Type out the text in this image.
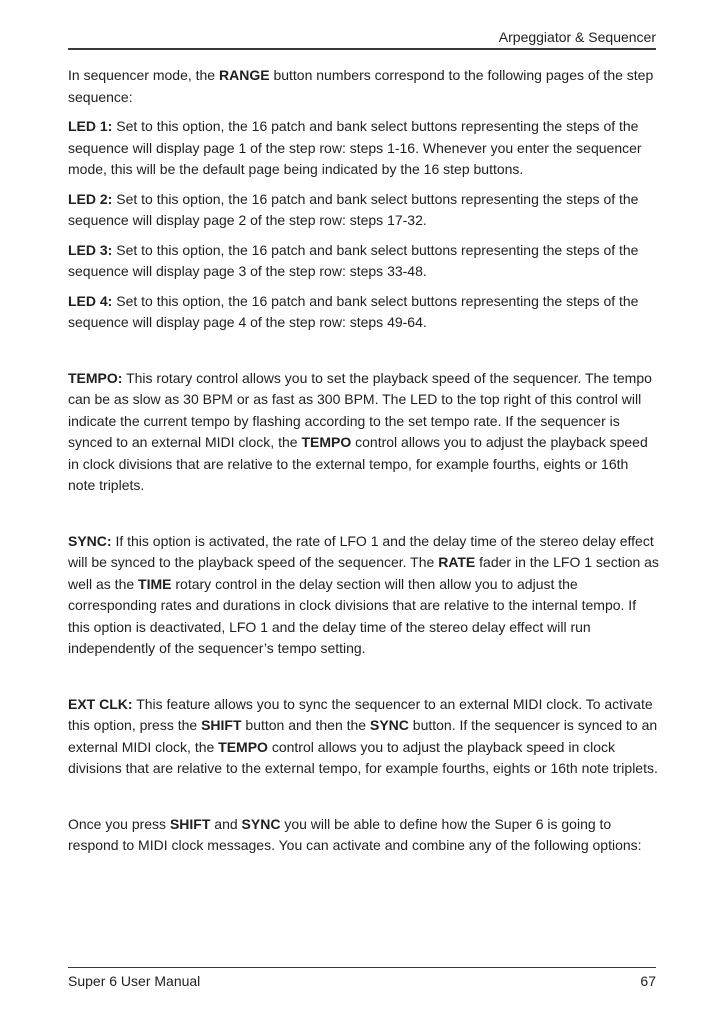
Arpeggiator & Sequencer

In sequencer mode, the RANGE button numbers correspond to the following pages of the step sequence:

LED 1: Set to this option, the 16 patch and bank select buttons representing the steps of the sequence will display page 1 of the step row: steps 1-16. Whenever you enter the sequencer mode, this will be the default page being indicated by the 16 step buttons.

LED 2: Set to this option, the 16 patch and bank select buttons representing the steps of the sequence will display page 2 of the step row: steps 17-32.

LED 3: Set to this option, the 16 patch and bank select buttons representing the steps of the sequence will display page 3 of the step row: steps 33-48.

LED 4: Set to this option, the 16 patch and bank select buttons representing the steps of the sequence will display page 4 of the step row: steps 49-64.

TEMPO: This rotary control allows you to set the playback speed of the sequencer. The tempo can be as slow as 30 BPM or as fast as 300 BPM. The LED to the top right of this control will indicate the current tempo by flashing according to the set tempo rate. If the sequencer is synced to an external MIDI clock, the TEMPO control allows you to adjust the playback speed in clock divisions that are relative to the external tempo, for example fourths, eights or 16th note triplets.

SYNC: If this option is activated, the rate of LFO 1 and the delay time of the stereo delay effect will be synced to the playback speed of the sequencer. The RATE fader in the LFO 1 section as well as the TIME rotary control in the delay section will then allow you to adjust the corresponding rates and durations in clock divisions that are relative to the internal tempo. If this option is deactivated, LFO 1 and the delay time of the stereo delay effect will run independently of the sequencer’s tempo setting.

EXT CLK: This feature allows you to sync the sequencer to an external MIDI clock. To activate this option, press the SHIFT button and then the SYNC button. If the sequencer is synced to an external MIDI clock, the TEMPO control allows you to adjust the playback speed in clock divisions that are relative to the external tempo, for example fourths, eights or 16th note triplets.

Once you press SHIFT and SYNC you will be able to define how the Super 6 is going to respond to MIDI clock messages. You can activate and combine any of the following options:

Super 6 User Manual	67
